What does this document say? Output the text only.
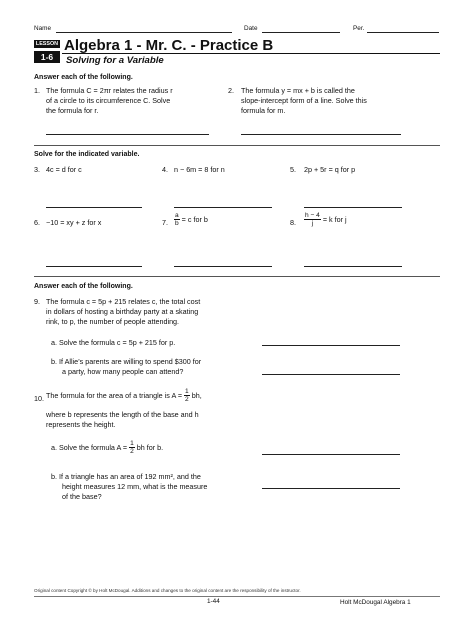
Name	Date	Per.
LESSON
1-6
Algebra 1 - Mr. C. - Practice B
Solving for a Variable
Answer each of the following.
1. The formula C = 2πr relates the radius r
of a circle to its circumference C. Solve
the formula for r.
2. The formula y = mx + b is called the
slope-intercept form of a line. Solve this
formula for m.
Solve for the indicated variable.
3. 4c = d for c	4. n − 6m = 8 for n	5. 2p + 5r = q for p
6. −10 = xy + z for x	7. $\frac{a}{b} = c$ for b	8. $\frac{h - 4}{j} = k$ for j
Answer each of the following.
9. The formula c = 5p + 215 relates c, the total cost
in dollars of hosting a birthday party at a skating
rink, to p, the number of people attending.
a. Solve the formula c = 5p + 215 for p.
b. If Allie’s parents are willing to spend $300 for
a party, how many people can attend?
10. The formula for the area of a triangle is $A = \frac{1}{2}$ bh,
where b represents the length of the base and h
represents the height.
a. Solve the formula $A = \frac{1}{2}$ bh for b.
b. If a triangle has an area of 192 mm², and the
height measures 12 mm, what is the measure
of the base?
Original content Copyright © by Holt McDougal. Additions and changes to the original content are the responsibility of the instructor.
1-44	Holt McDougal Algebra 1
